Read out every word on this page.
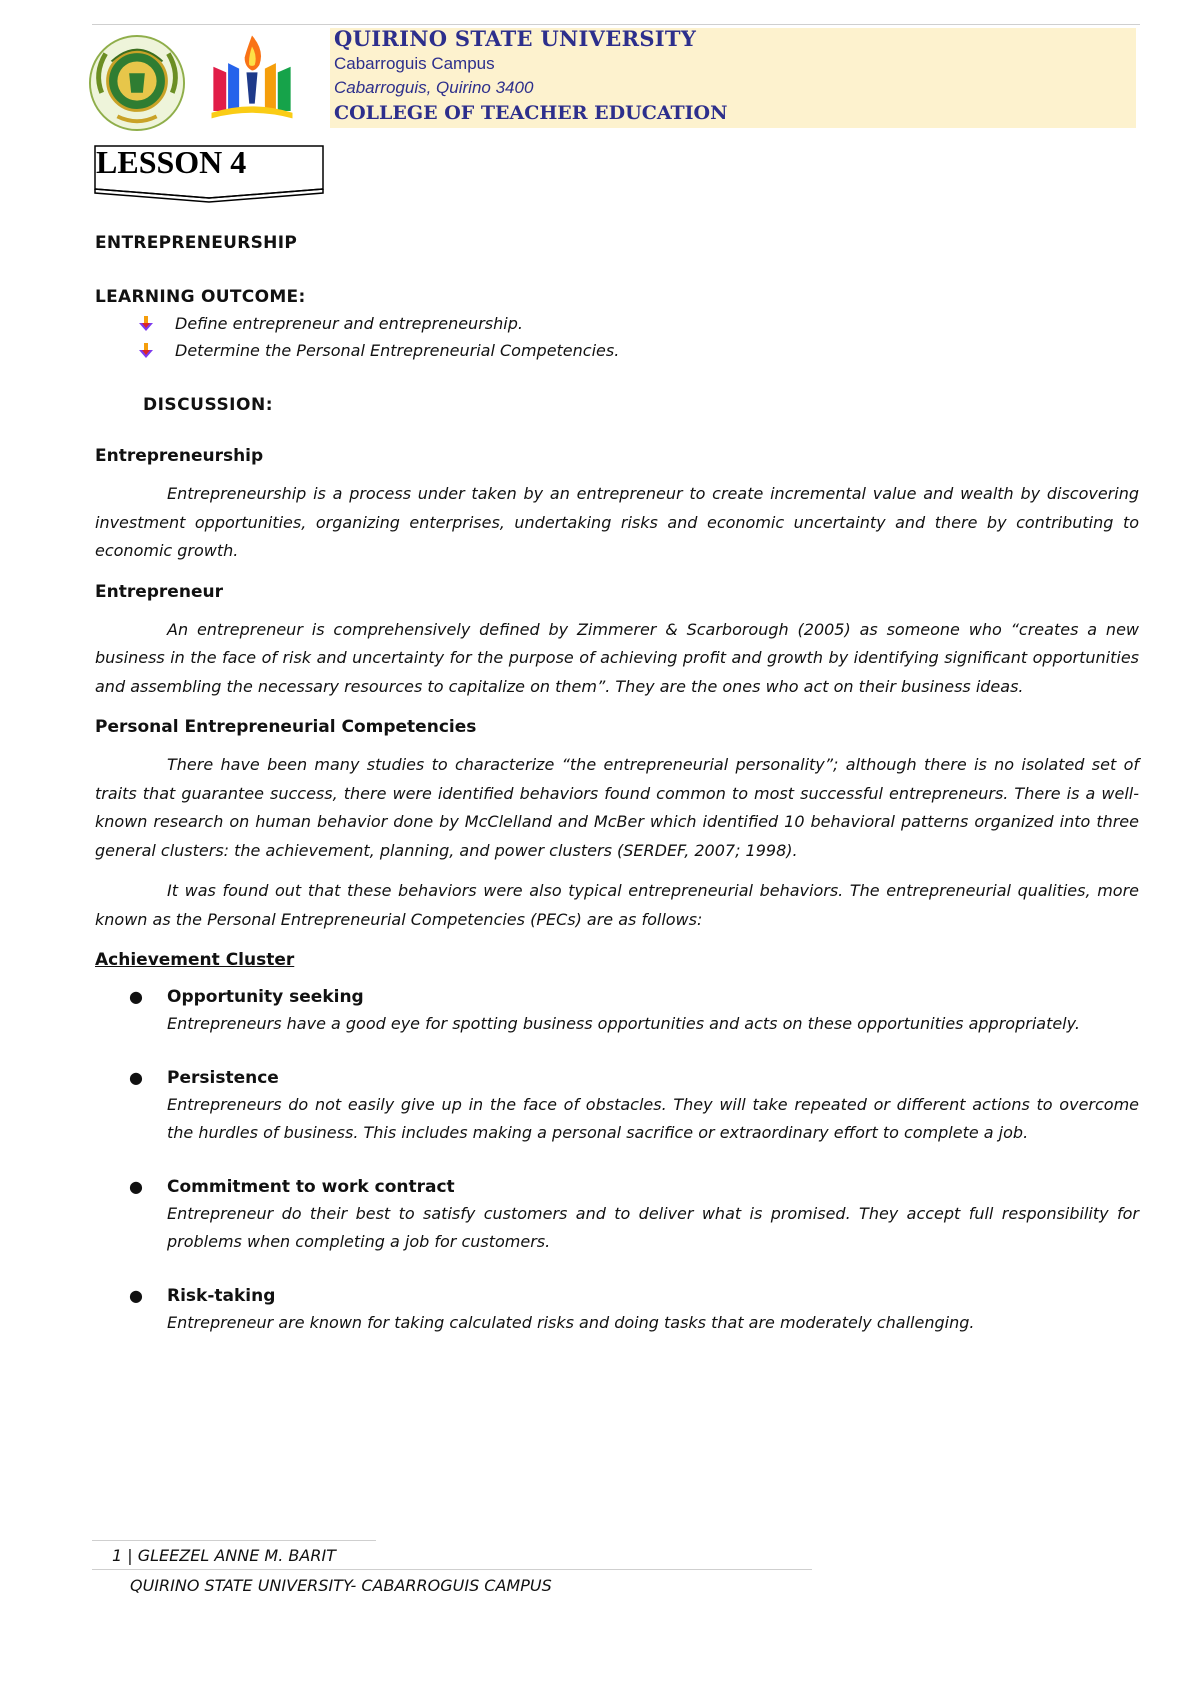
QUIRINO STATE UNIVERSITY
Cabarroguis Campus
Cabarroguis, Quirino 3400
COLLEGE OF TEACHER EDUCATION
LESSON 4
ENTREPRENEURSHIP
LEARNING OUTCOME:
Define entrepreneur and entrepreneurship.
Determine the Personal Entrepreneurial Competencies.
DISCUSSION:
Entrepreneurship

Entrepreneurship is a process under taken by an entrepreneur to create incremental value and wealth by discovering investment opportunities, organizing enterprises, undertaking risks and economic uncertainty and there by contributing to economic growth.

Entrepreneur

An entrepreneur is comprehensively defined by Zimmerer & Scarborough (2005) as someone who “creates a new business in the face of risk and uncertainty for the purpose of achieving profit and growth by identifying significant opportunities and assembling the necessary resources to capitalize on them”. They are the ones who act on their business ideas.

Personal Entrepreneurial Competencies

There have been many studies to characterize “the entrepreneurial personality”; although there is no isolated set of traits that guarantee success, there were identified behaviors found common to most successful entrepreneurs. There is a well-known research on human behavior done by McClelland and McBer which identified 10 behavioral patterns organized into three general clusters: the achievement, planning, and power clusters (SERDEF, 2007; 1998).

It was found out that these behaviors were also typical entrepreneurial behaviors. The entrepreneurial qualities, more known as the Personal Entrepreneurial Competencies (PECs) are as follows:

Achievement Cluster
● Opportunity seeking
Entrepreneurs have a good eye for spotting business opportunities and acts on these opportunities appropriately.
● Persistence
Entrepreneurs do not easily give up in the face of obstacles. They will take repeated or different actions to overcome the hurdles of business. This includes making a personal sacrifice or extraordinary effort to complete a job.
● Commitment to work contract
Entrepreneur do their best to satisfy customers and to deliver what is promised. They accept full responsibility for problems when completing a job for customers.
● Risk-taking
Entrepreneur are known for taking calculated risks and doing tasks that are moderately challenging.
1 | GLEEZEL ANNE M. BARIT
QUIRINO STATE UNIVERSITY- CABARROGUIS CAMPUS
